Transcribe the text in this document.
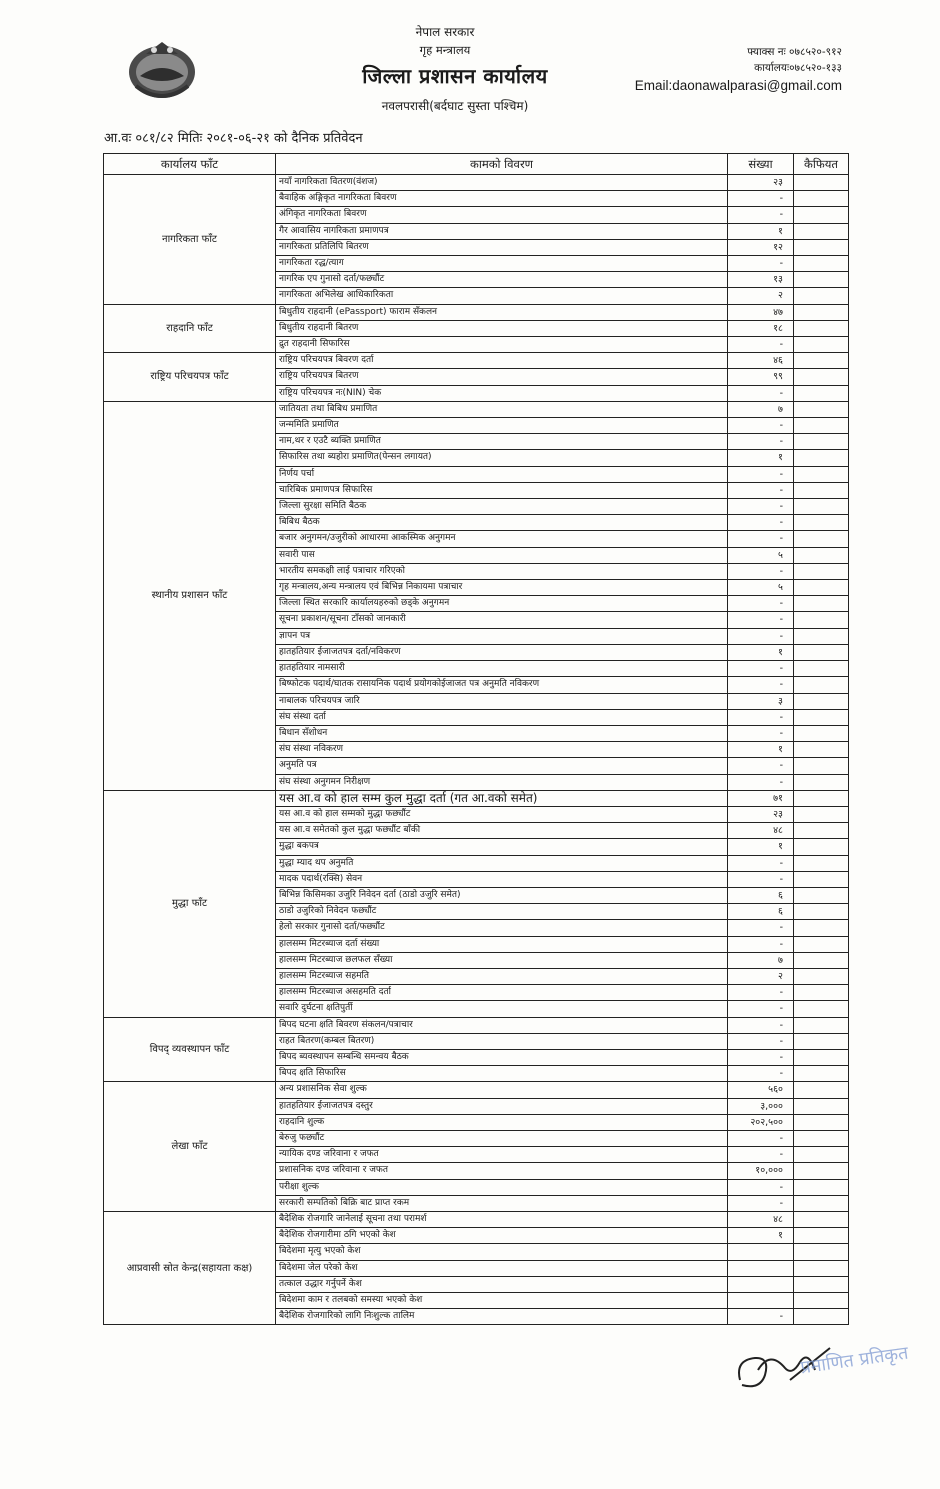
नेपाल सरकार
गृह मन्त्रालय
जिल्ला प्रशासन कार्यालय
नवलपरासी(बर्दघाट सुस्ता पश्चिम)
फ्याक्स नः ०७८५२०-९१२
कार्यालयः०७८५२०-१३३
Email:daonawalparasi@gmail.com
आ.वः ०८१/८२ मितिः २०८१-०६-२१ को दैनिक प्रतिवेदन
कार्यालय फाँट	कामको विवरण	संख्या	कैफियत
नागरिकता फाँट	नयाँ नागरिकता वितरण(वंशज)	२३	
	बैवाहिक अङ्गिकृत नागरिकता बिवरण	-	
	अंगिकृत नागरिकता बिवरण	-	
	गैर आवासिय नागरिकता प्रमाणपत्र	१	
	नागरिकता प्रतिलिपि बितरण	१२	
	नागरिकता रद्ध/त्याग	-	
	नागरिक एप गुनासो दर्ता/फछ्यौंट	१३	
	नागरिकता अभिलेख आधिकारिकता	२	
राहदानि फाँट	बिधुतीय राहदानी (ePassport) फाराम सँकलन	४७	
	बिधुतीय राहदानी बितरण	१८	
	द्रुत राहदानी सिफारिस	-	
राष्ट्रिय परिचयपत्र फाँट	राष्ट्रिय परिचयपत्र बिवरण दर्ता	४६	
	राष्ट्रिय परिचयपत्र बितरण	९९	
	राष्ट्रिय परिचयपत्र नः(NIN) चेक	-	
स्थानीय प्रशासन फाँट	जातियता तथा बिबिध प्रमाणित	७	
	जन्ममिति प्रमाणित	-	
	नाम,थर र एउटै ब्यक्ति प्रमाणित	-	
	सिफारिस तथा ब्यहोरा प्रमाणित(पेन्सन लगायत)	१	
	निर्णय पर्चा	-	
	चारिबिक प्रमाणपत्र सिफारिस	-	
	जिल्ला सुरक्षा समिति बैठक	-	
	बिबिध बैठक	-	
	बजार अनुगमन/उजुरीको आधारमा आकस्मिक अनुगमन	-	
	सवारी पास	५	
	भारतीय समकक्षी लाई पत्राचार गरिएको	-	
	गृह मन्त्रालय,अन्य मन्त्रालय एवं बिभिन्न निकायमा पत्राचार	५	
	जिल्ला स्थित सरकारि कार्यालयहरुको छड्के अनुगमन	-	
	सूचना प्रकाशन/सूचना टाँसको जानकारी	-	
	ज्ञापन पत्र	-	
	हातहतियार ईजाजतपत्र दर्ता/नविकरण	१	
	हातहतियार नामसारी	-	
	बिष्फोटक पदार्थ/घातक रासायनिक पदार्थ प्रयोगकोईजाजत पत्र अनुमति नविकरण	-	
	नाबालक परिचयपत्र जारि	३	
	संघ संस्था दर्ता	-	
	बिधान सँशोधन	-	
	संघ संस्था नविकरण	१	
	अनुमति पत्र	-	
	संघ संस्था अनुगमन निरीक्षण	-	
मुद्धा फाँट	यस आ.व को हाल सम्म कुल मुद्धा दर्ता (गत आ.वको समेत)	७१	
	यस आ.व को हाल सम्मको मुद्धा फछ्यौंट	२३	
	यस आ.व समेतको कुल मुद्धा फछ्यौंट बाँकी	४८	
	मुद्धा बकपत्र	१	
	मुद्धा म्याद थप अनुमति	-	
	मादक पदार्थ(रक्सि) सेवन	-	
	बिभिन्न किसिमका उजुरि निवेदन दर्ता (ठाडो उजुरि समेत)	६	
	ठाडो उजुरिको निवेदन फछ्यौंट	६	
	हेलो सरकार गुनासो दर्ता/फछ्यौंट	-	
	हालसम्म मिटरब्याज दर्ता संख्या	-	
	हालसम्म मिटरब्याज छलफल सँख्या	७	
	हालसम्म मिटरब्याज सहमति	२	
	हालसम्म मिटरब्याज असहमति दर्ता	-	
	सवारि दुर्घटना क्षतिपुर्ती	-	
विपद् व्यवस्थापन फाँट	बिपद घटना क्षति बिवरण संकलन/पत्राचार	-	
	राहत बितरण(कम्बल बितरण)	-	
	बिपद ब्यवस्थापन सम्बन्धि समन्वय बैठक	-	
	बिपद क्षति सिफारिस	-	
लेखा फाँट	अन्य प्रशासनिक सेवा शुल्क	५६०	
	हातहतियार ईजाजतपत्र दस्तुर	३,०००	
	राहदानि शुल्क	२०२,५००	
	बेरुजु फछ्यौंट	-	
	न्यायिक दण्ड जरिवाना र जफत	-	
	प्रशासनिक दण्ड जरिवाना र जफत	१०,०००	
	परीक्षा शुल्क	-	
	सरकारी सम्पतिको बिक्रि बाट प्राप्त रकम	-	
आप्रवासी स्रोत केन्द्र(सहायता कक्ष)	बैदेशिक रोजगारि जानेलाई सूचना तथा परामर्श	४८	
	बैदेशिक रोजगारीमा ठगि भएको केश	१	
	बिदेशमा मृत्यु भएको केश		
	बिदेशमा जेल परेको केश		
	तत्काल उद्धार गर्नुपर्ने केश		
	बिदेशमा काम र तलबको समस्या भएको केश		
	बैदेशिक रोजगारिको लागि निःशुल्क तालिम	-	
प्रमाणित प्रतिकृत
